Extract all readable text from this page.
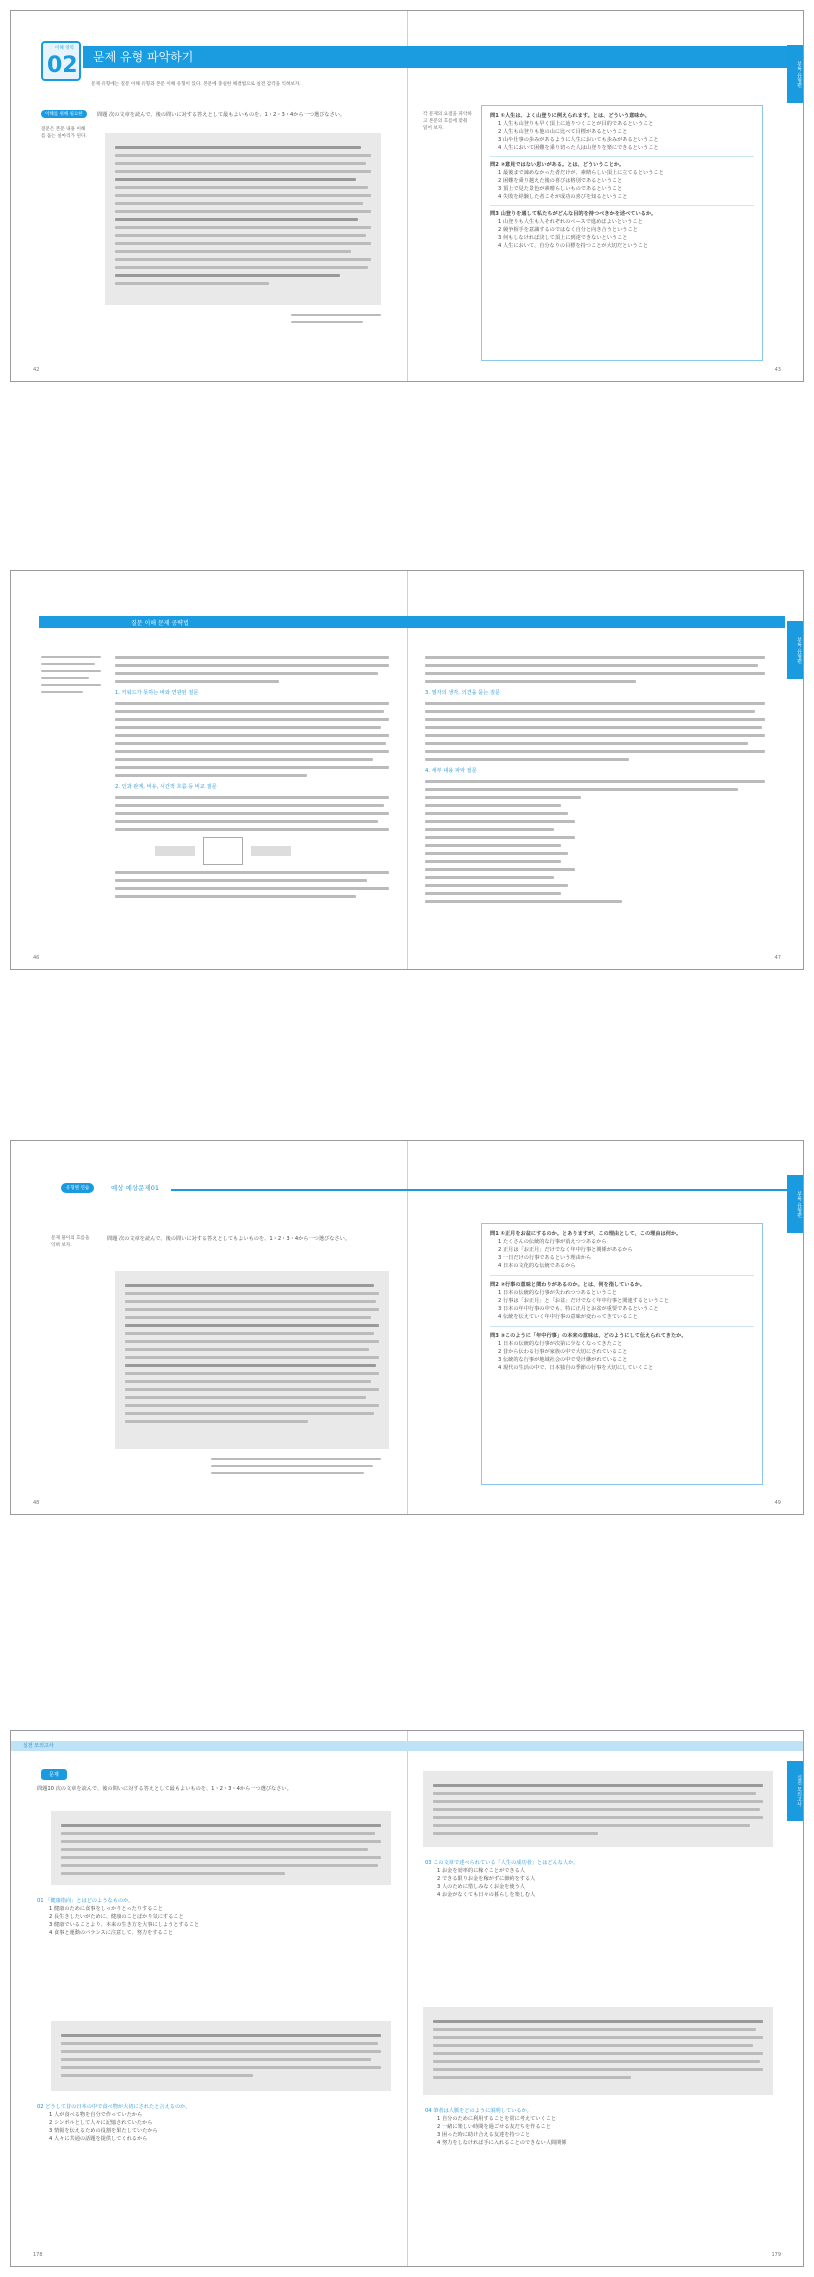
이해 영역
02 문제 유형 파악하기
문제 유형에는 질문 이해 유형과 본문 이해 유형이 있다. 본문에 충실한 해결법으로 실전 감각을 익혀보자.	부록 유형편
이해를 위해 필요한
질문은 본문 내용 이해를 돕는 실마리가 된다.
問題 次の文章を読んで、後の問いに対する答えとして最もよいものを、1・2・3・4から一つ選びなさい。	각 문제의 요점을 파악하고 본문의 흐름에 맞춰 읽어 보자.
問1 ①人生は、よく山登りに例えられます。とは、どういう意味か。
1 人生も山登りも早く頂上に辿りつくことが目的であるということ
2 人生も山登りも他の山に比べて目標があるということ
3 山や仕事の歩みがあるように人生においても歩みがあるということ
4 人生において困難を乗り切った人は山登りを楽にできるということ
問2 ②意見ではない思いがある。とは、どういうことか。
1 最後まで諦めなかった者だけが、素晴らしい頂上に立てるということ
2 困難を乗り越えた後の喜びは格別であるということ
3 頂上で見た景色が素晴らしいものであるということ
4 失敗を経験した者こそが成功の喜びを知るということ
問3 山登りを通して私たちがどんな目的を持つべきかを述べているか。
1 山登りも人生も人それぞれのペースで進めばよいということ
2 競争相手を意識するのではなく自分と向き合うということ
3 何もしなければ決して頂上に到達できないということ
4 人生において、自分なりの目標を持つことが大切だということ
42	43
질문 이해 문제 공략법
부록 유형편
1. 키워드가 뜻하는 바와 연관된 질문
2. 인과 관계, 비유, 시간적 흐름 등 비교 질문
3. 필자의 생각, 의견을 묻는 질문
4. 세부 내용 파악 질문
46	47
유형별 연습	예상 예상문제01
부록 유형편
문제 풀이의 흐름을 익혀 보자.
問題 次の文章を読んで、後の問いに対する答えとしてもよいものを、1・2・3・4から一つ選びなさい。
問1 ①正月をお盆にするのか。とありますが、この理由として、この理由は何か。
1 たくさんの伝統的な行事が消えつつあるから
2 正月は「お正月」だけでなく年中行事と関係があるから
3 一日だけの行事であるという理由から
4 日本の文化的な伝統であるから
問2 ②行事の意味と関わりがあるのか。とは、何を指しているか。
1 日本の伝統的な行事が失われつつあるということ
2 行事は「お正月」と「お盆」だけでなく年中行事と関連するということ
3 日本の年中行事の中でも、特に正月とお盆が重要であるということ
4 伝統を伝えていく年中行事の意味が変わってきていること
問3 ③このように「年中行事」の本来の意味は、どのようにして伝えられてきたか。
1 日本の伝統的な行事が次第に少なくなってきたこと
2 昔から伝わる行事が家族の中で大切にされていること
3 伝統的な行事が地域社会の中で受け継がれていること
4 現代の生活の中で、日本独自の季節の行事を大切にしていくこと
48	49
실전 모의고사
실전 모의고사
문제
問題10 次の文章を読んで、後の問いに対する答えとして最もよいものを、1・2・3・4から一つ選びなさい。
01 「健康指向」とはどのようなものか。
1 健康のために食事をしっかりとったりすること
2 長生きしたいがために、健康のことばかり気にすること
3 健康でいることより、本来の生き方を大事にしようとすること
4 食事と運動のバランスに注意して、努力をすること
02 どうして昔の日本の中で食べ物が大切にされたと言えるのか。
1 人が食べる物を自分で作っていたから
2 シンボルとして人々に記憶されていたから
3 情報を伝えるための役割を果たしていたから
4 人々に共通の話題を提供してくれるから
03 この文章で述べられている「人生の成功者」とはどんな人か。
1 お金を効率的に稼ぐことができる人
2 できる限りお金を稼がずに節約をする人
3 人のために惜しみなくお金を使う人
4 お金がなくても日々の暮らしを楽しむ人
04 筆者は人脈をどのように説明しているか。
1 自分のために利用することを常に考えていくこと
2 一緒に楽しい時間を過ごせる友だちを作ること
3 困った時に助け合える友達を持つこと
4 努力をしなければ手に入れることのできない人間関係
178	179
